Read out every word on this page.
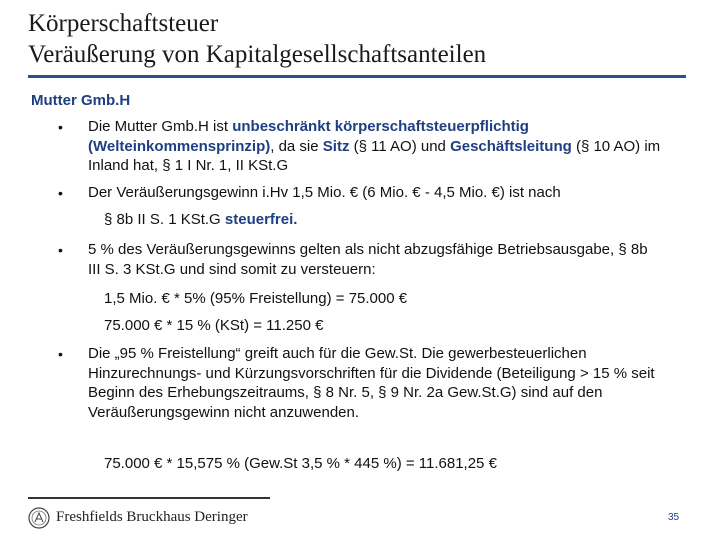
Körperschaftsteuer
Veräußerung von Kapitalgesellschaftsanteilen
Mutter Gmb.H
• Die Mutter Gmb.H ist unbeschränkt körperschaftsteuerpflichtig (Welteinkommensprinzip), da sie Sitz (§ 11 AO) und Geschäftsleitung (§ 10 AO) im Inland hat, § 1 I Nr. 1, II KSt.G
• Der Veräußerungsgewinn i.Hv 1,5 Mio. € (6 Mio. € - 4,5 Mio. €) ist nach
§ 8b II S. 1 KSt.G steuerfrei.
• 5 % des Veräußerungsgewinns gelten als nicht abzugsfähige Betriebsausgabe, § 8b III S. 3 KSt.G und sind somit zu versteuern:
1,5 Mio. € * 5% (95% Freistellung) = 75.000 €
75.000 € * 15 % (KSt) = 11.250 €
• Die „95 % Freistellung“ greift auch für die Gew.St. Die gewerbesteuerlichen Hinzurechnungs- und Kürzungsvorschriften für die Dividende (Beteiligung > 15 % seit Beginn des Erhebungszeitraums, § 8 Nr. 5, § 9 Nr. 2a Gew.St.G) sind auf den Veräußerungsgewinn nicht anzuwenden.
75.000 € * 15,575 % (Gew.St 3,5 % * 445 %) = 11.681,25 €
Freshfields Bruckhaus Deringer	35
